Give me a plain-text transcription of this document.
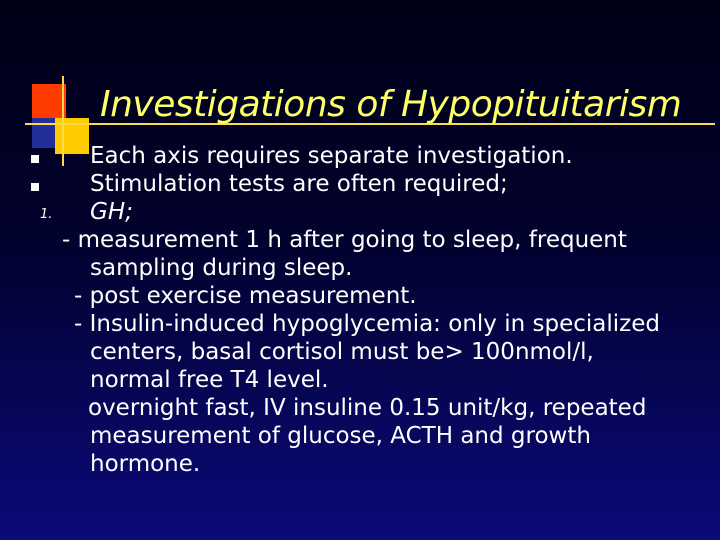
Investigations of Hypopituitarism
Each axis requires separate investigation.
Stimulation tests are often required;
1. GH;
- measurement 1 h after going to sleep, frequent
sampling during sleep.
- post exercise measurement.
- Insulin-induced hypoglycemia: only in specialized
centers, basal cortisol must be> 100nmol/l,
normal free T4 level.
overnight fast, IV insuline 0.15 unit/kg, repeated
measurement of glucose, ACTH and growth
hormone.
